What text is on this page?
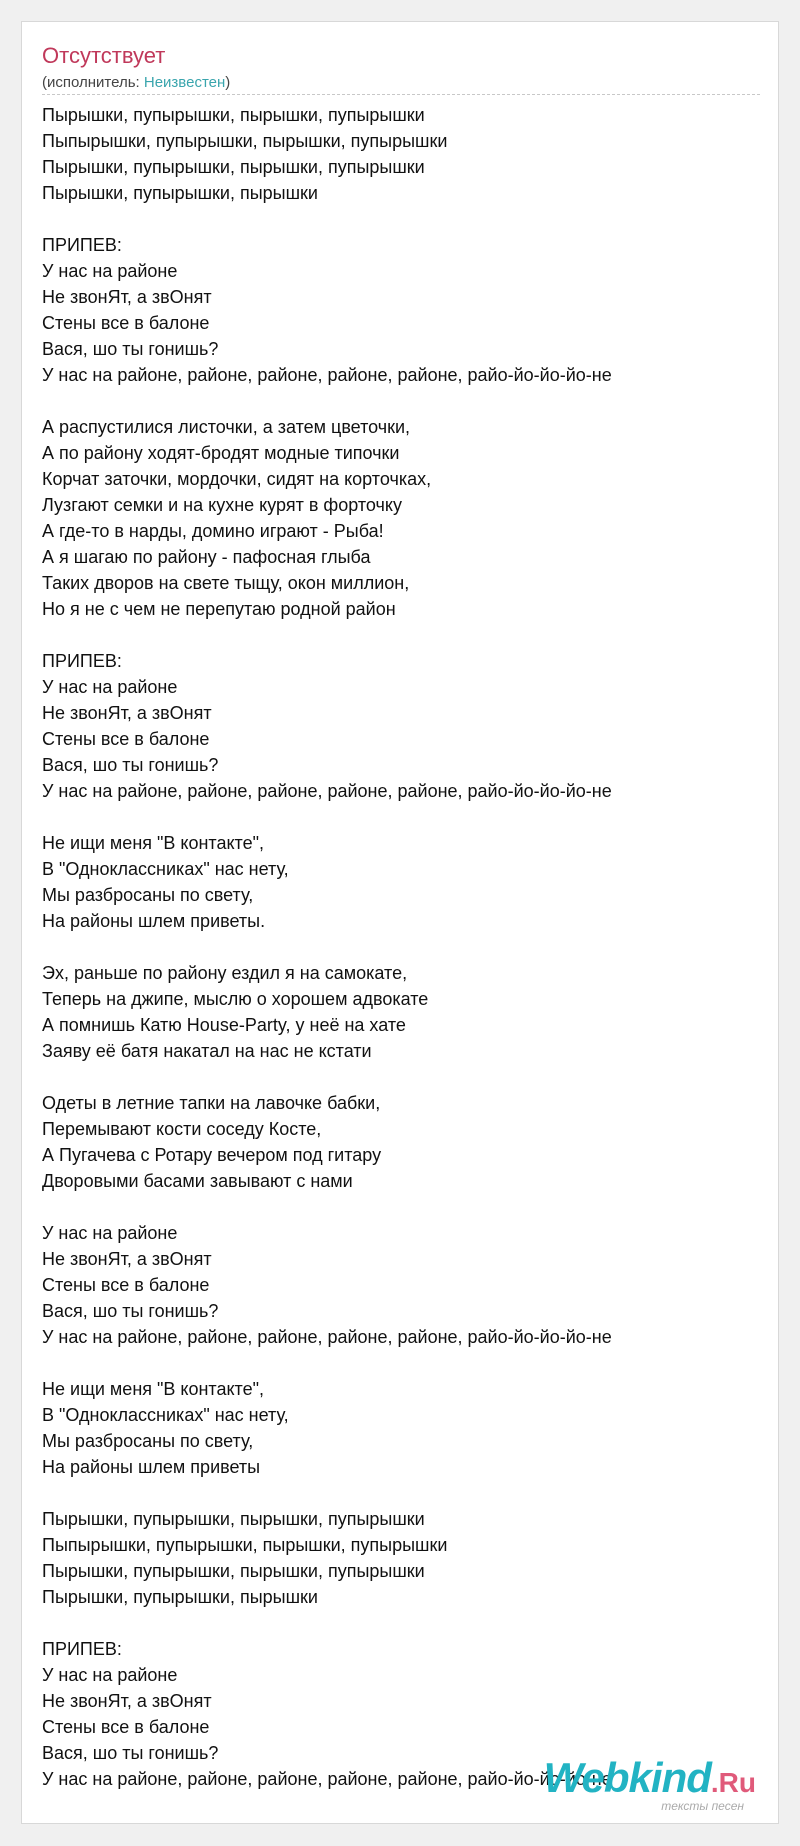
Отсутствует
(исполнитель: Неизвестен)
Пырышки, пупырышки, пырышки, пупырышки
Пыпырышки, пупырышки, пырышки, пупырышки
Пырышки, пупырышки, пырышки, пупырышки
Пырышки, пупырышки, пырышки
ПРИПЕВ:
У нас на районе
Не звонЯт, а звОнят
Стены все в балоне
Вася, шо ты гонишь?
У нас на районе, районе, районе, районе, районе, райо-йо-йо-йо-не
А распустилися листочки, а затем цветочки,
А по району ходят-бродят модные типочки
Корчат заточки, мордочки, сидят на корточках,
Лузгают семки и на кухне курят в форточку
А где-то в нарды, домино играют - Рыба!
А я шагаю по району - пафосная глыба
Таких дворов на свете тыщу, окон миллион,
Но я не с чем не перепутаю родной район
ПРИПЕВ:
У нас на районе
Не звонЯт, а звОнят
Стены все в балоне
Вася, шо ты гонишь?
У нас на районе, районе, районе, районе, районе, райо-йо-йо-йо-не
Не ищи меня "В контакте",
В "Одноклассниках" нас нету,
Мы разбросаны по свету,
На районы шлем приветы.
Эх, раньше по району ездил я на самокате,
Теперь на джипе, мыслю о хорошем адвокате
А помнишь Катю House-Party, у неё на хате
Заяву её батя накатал на нас не кстати
Одеты в летние тапки на лавочке бабки,
Перемывают кости соседу Косте,
А Пугачева с Ротару вечером под гитару
Дворовыми басами завывают с нами
У нас на районе
Не звонЯт, а звОнят
Стены все в балоне
Вася, шо ты гонишь?
У нас на районе, районе, районе, районе, районе, райо-йо-йо-йо-не
Не ищи меня "В контакте",
В "Одноклассниках" нас нету,
Мы разбросаны по свету,
На районы шлем приветы
Пырышки, пупырышки, пырышки, пупырышки
Пыпырышки, пупырышки, пырышки, пупырышки
Пырышки, пупырышки, пырышки, пупырышки
Пырышки, пупырышки, пырышки
ПРИПЕВ:
У нас на районе
Не звонЯт, а звОнят
Стены все в балоне
Вася, шо ты гонишь?
У нас на районе, районе, районе, районе, районе, райо-йо-йо-йо-не
Webkind.Ru
тексты песен
